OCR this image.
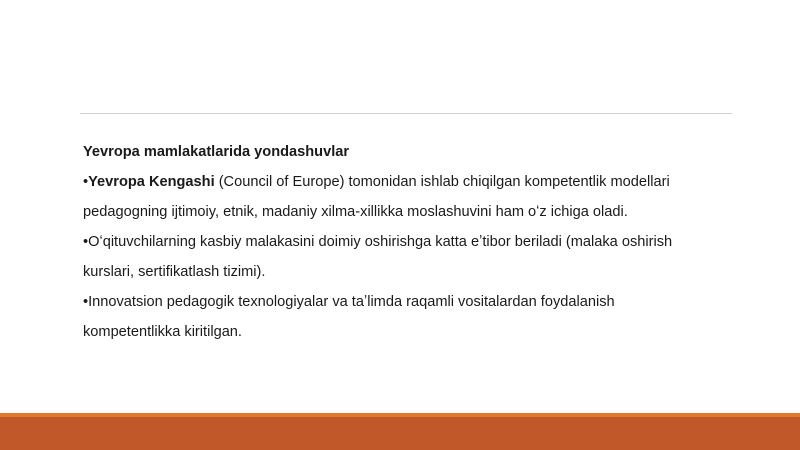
Yevropa mamlakatlarida yondashuvlar
•Yevropa Kengashi (Council of Europe) tomonidan ishlab chiqilgan kompetentlik modellari
pedagogning ijtimoiy, etnik, madaniy xilma-xillikka moslashuvini ham oʻz ichiga oladi.
•Oʻqituvchilarning kasbiy malakasini doimiy oshirishga katta eʼtibor beriladi (malaka oshirish
kurslari, sertifikatlash tizimi).
•Innovatsion pedagogik texnologiyalar va taʼlimda raqamli vositalardan foydalanish
kompetentlikka kiritilgan.
